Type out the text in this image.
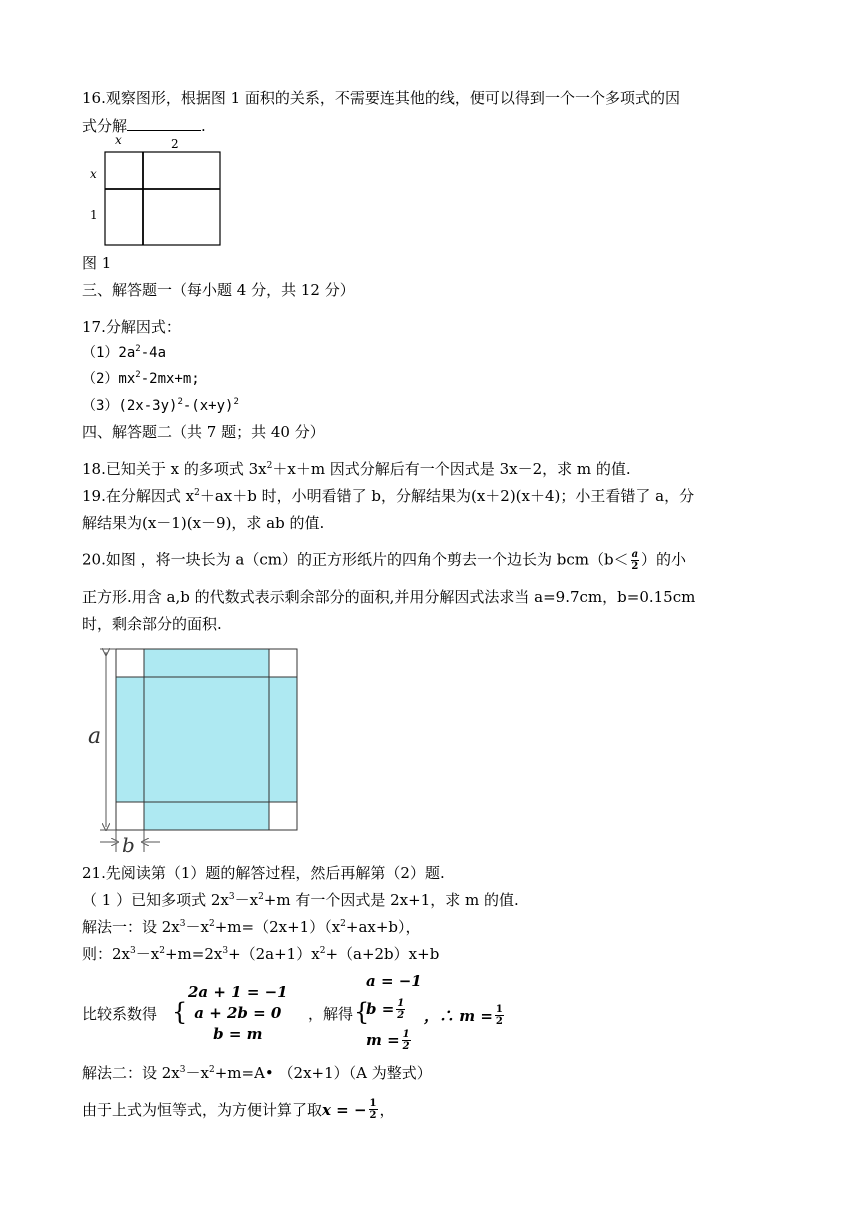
16.观察图形，根据图 1 面积的关系，不需要连其他的线，便可以得到一个一个多项式的因
式分解	.
x	2
x
1
图 1
三、解答题一（每小题 4 分，共 12 分）
17.分解因式：
$(1)2a^2-4a$
$(2)mx^2-2mx+m$;
$(3)(2x-3y)^2-(x+y)^2$
四、解答题二（共 7 题；共 40 分）
18.已知关于 x 的多项式 $3x^2+x+m$ 因式分解后有一个因式是 3x－2，求 m 的值.
19.在分解因式 $x^2+ax+b$ 时，小明看错了 b，分解结果为(x＋2)(x＋4)；小王看错了 a，分
解结果为(x－1)(x－9)，求 ab 的值.
20.如图 ，将一块长为 a（cm）的正方形纸片的四角个剪去一个边长为 $bcm(b< \frac{a}{2}$ ）的小
正方形.用含 a,b 的代数式表示剩余部分的面积,并用分解因式法求当 a=9.7cm，b=0.15cm
时，剩余部分的面积.
a
b
21.先阅读第（1）题的解答过程，然后再解第（2）题.
（ 1 ）已知多项式 $2x^3-x^2+m$ 有一个因式是 2x+1，求 m 的值.
解法一：设 $2x^3-x^2+m=(2x+1)(x^2+ax+b)$，
则：$2x^3-x^2+m=2x^3+(2a+1)x^2+(a+2b)x+b$
比较系数得 {
2a + 1 = −1
a + 2b = 0
b = m
，解得 {
a = −1
$b = \frac{1}{2}$
$m = \frac{1}{2}$
，∴ $m = \frac{1}{2}$
解法二：设 $2x^3-x^2+m=A•$ （2x+1）（A 为整式）
由于上式为恒等式，为方便计算了取 x = − $\frac{1}{2}$ ，
